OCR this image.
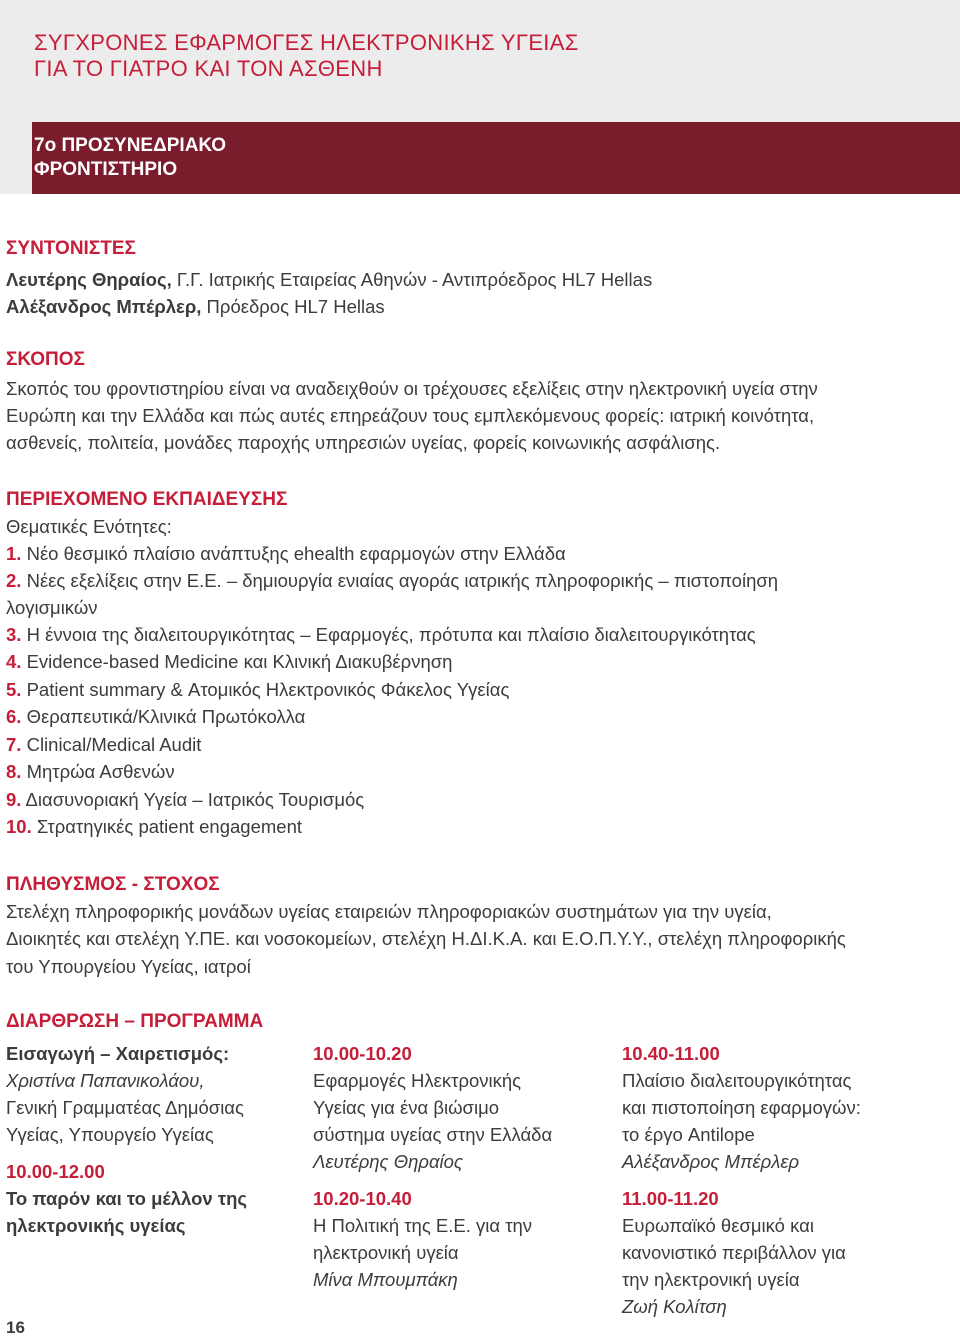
ΣΥΓΧΡΟΝΕΣ ΕΦΑΡΜΟΓΕΣ ΗΛΕΚΤΡΟΝΙΚΗΣ ΥΓΕΙΑΣ
ΓΙΑ ΤΟ ΓΙΑΤΡΟ ΚΑΙ ΤΟΝ ΑΣΘΕΝΗ
7ο ΠΡΟΣΥΝΕΔΡΙΑΚΟ
ΦΡΟΝΤΙΣΤΗΡΙΟ
ΣΥΝΤΟΝΙΣΤΕΣ
Λευτέρης Θηραίος, Γ.Γ. Ιατρικής Εταιρείας Αθηνών - Αντιπρόεδρος HL7 Hellas
Αλέξανδρος Μπέρλερ, Πρόεδρος HL7 Hellas
ΣΚΟΠΟΣ
Σκοπός του φροντιστηρίου είναι να αναδειχθούν οι τρέχουσες εξελίξεις στην ηλεκτρονική υγεία στην
Ευρώπη και την Ελλάδα και πώς αυτές επηρεάζουν τους εμπλεκόμενους φορείς: ιατρική κοινότητα,
ασθενείς, πολιτεία, μονάδες παροχής υπηρεσιών υγείας, φορείς κοινωνικής ασφάλισης.
ΠΕΡΙΕΧΟΜΕΝΟ ΕΚΠΑΙΔΕΥΣΗΣ
Θεματικές Ενότητες:
1. Νέο θεσμικό πλαίσιο ανάπτυξης ehealth εφαρμογών στην Ελλάδα
2. Νέες εξελίξεις στην Ε.Ε. – δημιουργία ενιαίας αγοράς ιατρικής πληροφορικής – πιστοποίηση
λογισμικών
3. Η έννοια της διαλειτουργικότητας – Εφαρμογές, πρότυπα και πλαίσιο διαλειτουργικότητας
4. Evidence-based Medicine και Κλινική Διακυβέρνηση
5. Patient summary & Ατομικός Ηλεκτρονικός Φάκελος Υγείας
6. Θεραπευτικά/Κλινικά Πρωτόκολλα
7. Clinical/Medical Audit
8. Μητρώα Ασθενών
9. Διασυνοριακή Υγεία – Ιατρικός Τουρισμός
10. Στρατηγικές patient engagement
ΠΛΗΘΥΣΜΟΣ - ΣΤΟΧΟΣ
Στελέχη πληροφορικής μονάδων υγείας εταιρειών πληροφοριακών συστημάτων για την υγεία,
Διοικητές και στελέχη Υ.ΠΕ. και νοσοκομείων, στελέχη Η.ΔΙ.Κ.Α. και Ε.Ο.Π.Υ.Υ., στελέχη πληροφορικής
του Υπουργείου Υγείας, ιατροί
ΔΙΑΡΘΡΩΣΗ – ΠΡΟΓΡΑΜΜΑ
Εισαγωγή – Χαιρετισμός:
Χριστίνα Παπανικολάου,
Γενική Γραμματέας Δημόσιας
Υγείας, Υπουργείο Υγείας
10.00-12.00
Το παρόν και το μέλλον της
ηλεκτρονικής υγείας
10.00-10.20
Εφαρμογές Ηλεκτρονικής
Υγείας για ένα βιώσιμο
σύστημα υγείας στην Ελλάδα
Λευτέρης Θηραίος
10.20-10.40
Η Πολιτική της Ε.Ε. για την
ηλεκτρονική υγεία
Μίνα Μπουμπάκη
10.40-11.00
Πλαίσιο διαλειτουργικότητας
και πιστοποίηση εφαρμογών:
το έργο Antilope
Αλέξανδρος Μπέρλερ
11.00-11.20
Ευρωπαϊκό θεσμικό και
κανονιστικό περιβάλλον για
την ηλεκτρονική υγεία
Ζωή Κολίτση
16
